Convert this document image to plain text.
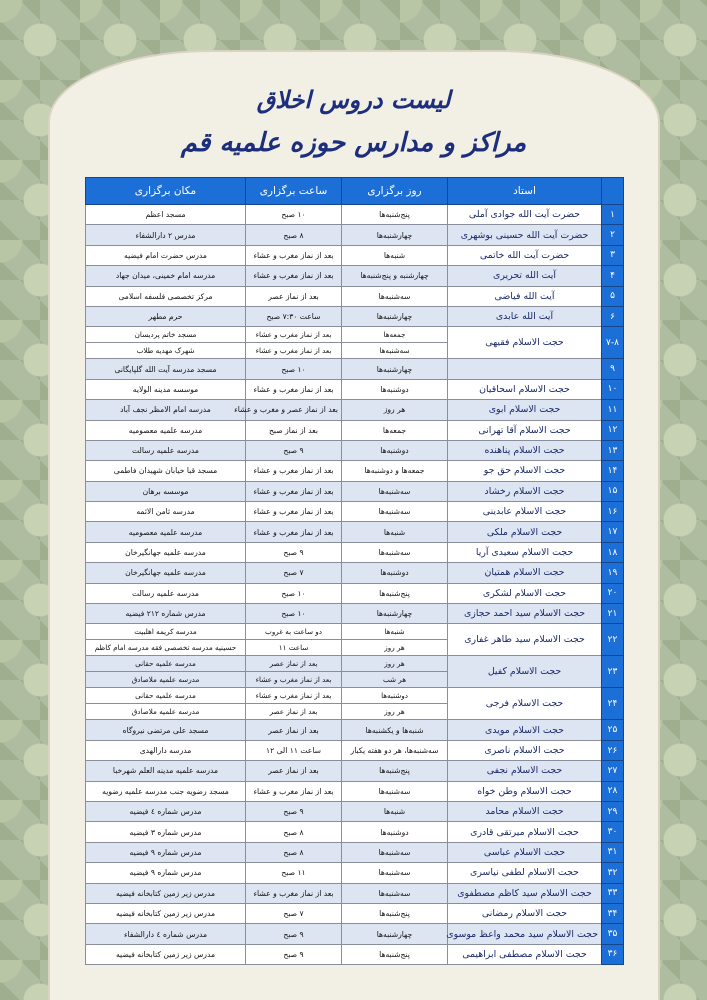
لیست دروس اخلاق
مراکز و مدارس حوزه علمیه قم
	استاد	روز برگزاری	ساعت برگزاری	مکان برگزاری
۱	حضرت آیت الله جوادی آملی	پنج‌شنبه‌ها	۱۰ صبح	مسجد اعظم
۲	حضرت آیت الله حسینی بوشهری	چهارشنبه‌ها	۸ صبح	مدرس ۲ دارالشفاء
۳	حضرت آیت الله خاتمی	شنبه‌ها	بعد از نماز مغرب و عشاء	مدرس حضرت امام فیضیه
۴	آیت الله تحریری	چهارشنبه و پنج‌شنبه‌ها	بعد از نماز مغرب و عشاء	مدرسه امام خمینی، میدان جهاد
۵	آیت الله فیاضی	سه‌شنبه‌ها	بعد از نماز عصر	مرکز تخصصی فلسفه اسلامی
۶	آیت الله عابدی	چهارشنبه‌ها	ساعت ۷:۳۰ صبح	حرم مطهر
۷-۸	حجت الاسلام فقیهی	جمعه‌ها	بعد از نماز مغرب و عشاء	مسجد خاتم پردیسان
		سه‌شنبه‌ها	بعد از نماز مغرب و عشاء	شهرک مهدیه طلاب
۹		چهارشنبه‌ها	۱۰ صبح	مسجد مدرسه آیت الله گلپایگانی
۱۰	حجت الاسلام اسحاقیان	دوشنبه‌ها	بعد از نماز مغرب و عشاء	موسسه مدینه الولایه
۱۱	حجت الاسلام ابوی	هر روز	بعد از نماز عصر و مغرب و عشاء	مدرسه امام الامظر نجف آباد
۱۲	حجت الاسلام آقا تهرانی	جمعه‌ها	بعد از نماز صبح	مدرسه علمیه معصومیه
۱۳	حجت الاسلام پناهنده	دوشنبه‌ها	۹ صبح	مدرسه علمیه رسالت
۱۴	حجت الاسلام حق جو	جمعه‌ها و دوشنبه‌ها	بعد از نماز مغرب و عشاء	مسجد قبا خیابان شهیدان فاطمی
۱۵	حجت الاسلام رخشاد	سه‌شنبه‌ها	بعد از نماز مغرب و عشاء	موسسه برهان
۱۶	حجت الاسلام عابدینی	سه‌شنبه‌ها	بعد از نماز مغرب و عشاء	مدرسه ثامن الائمه
۱۷	حجت الاسلام ملکی	شنبه‌ها	بعد از نماز مغرب و عشاء	مدرسه علمیه معصومیه
۱۸	حجت الاسلام سعیدی آریا	سه‌شنبه‌ها	۹ صبح	مدرسه علمیه جهانگیرخان
۱۹	حجت الاسلام همتیان	دوشنبه‌ها	۷ صبح	مدرسه علمیه جهانگیرخان
۲۰	حجت الاسلام لشکری	پنج‌شنبه‌ها	۱۰ صبح	مدرسه علمیه رسالت
۲۱	حجت الاسلام سید احمد حجازی	چهارشنبه‌ها	۱۰ صبح	مدرس شماره ۲۱۲ فیضیه
۲۲	حجت الاسلام سید طاهر غفاری	شنبه‌ها	دو ساعت به غروب	مدرسه کریمه اهلبیت
		هر روز	ساعت ۱۱	حسینیه مدرسه تخصصی فقه مدرسه امام کاظم
۲۳	حجت الاسلام کفیل	هر روز	بعد از نماز عصر	مدرسه علمیه حقانی
		هر شب	بعد از نماز مغرب و عشاء	مدرسه علمیه ملاصادق
۲۴	حجت الاسلام فرجی	دوشنبه‌ها	بعد از نماز مغرب و عشاء	مدرسه علمیه حقانی
		هر روز	بعد از نماز عصر	مدرسه علمیه ملاصادق
۲۵	حجت الاسلام مویدی	شنبه‌ها و یکشنبه‌ها	بعد از نماز عصر	مسجد علی مرتضی نیروگاه
۲۶	حجت الاسلام ناصری	سه‌شنبه‌ها، هر دو هفته یکبار	ساعت ۱۱ الی ۱۲	مدرسه دارالهدی
۲۷	حجت الاسلام نجفی	پنج‌شنبه‌ها	بعد از نماز عصر	مدرسه علمیه مدینه العلم شهرخبا
۲۸	حجت الاسلام وطن خواه	سه‌شنبه‌ها	بعد از نماز مغرب و عشاء	مسجد رضویه جنب مدرسه علمیه رضویه
۲۹	حجت الاسلام محامد	شنبه‌ها	۹ صبح	مدرس شماره ٤ فیضیه
۳۰	حجت الاسلام میرتقی قادری	دوشنبه‌ها	۸ صبح	مدرس شماره ۳ فیضیه
۳۱	حجت الاسلام عباسی	سه‌شنبه‌ها	۸ صبح	مدرس شماره ۹ فیضیه
۳۲	حجت الاسلام لطفی نیاسری	سه‌شنبه‌ها	۱۱ صبح	مدرس شماره ۹ فیضیه
۳۳	حجت الاسلام سید کاظم مصطفوی	سه‌شنبه‌ها	بعد از نماز مغرب و عشاء	مدرس زیر زمین کتابخانه فیضیه
۳۴	حجت الاسلام رمضانی	پنج‌شنبه‌ها	۷ صبح	مدرس زیر زمین کتابخانه فیضیه
۳۵	حجت الاسلام سید محمد واعظ موسوی	چهارشنبه‌ها	۹ صبح	مدرس شماره ٤ دارالشفاء
۳۶	حجت الاسلام مصطفی ابراهیمی	پنج‌شنبه‌ها	۹ صبح	مدرس زیر زمین کتابخانه فیضیه
